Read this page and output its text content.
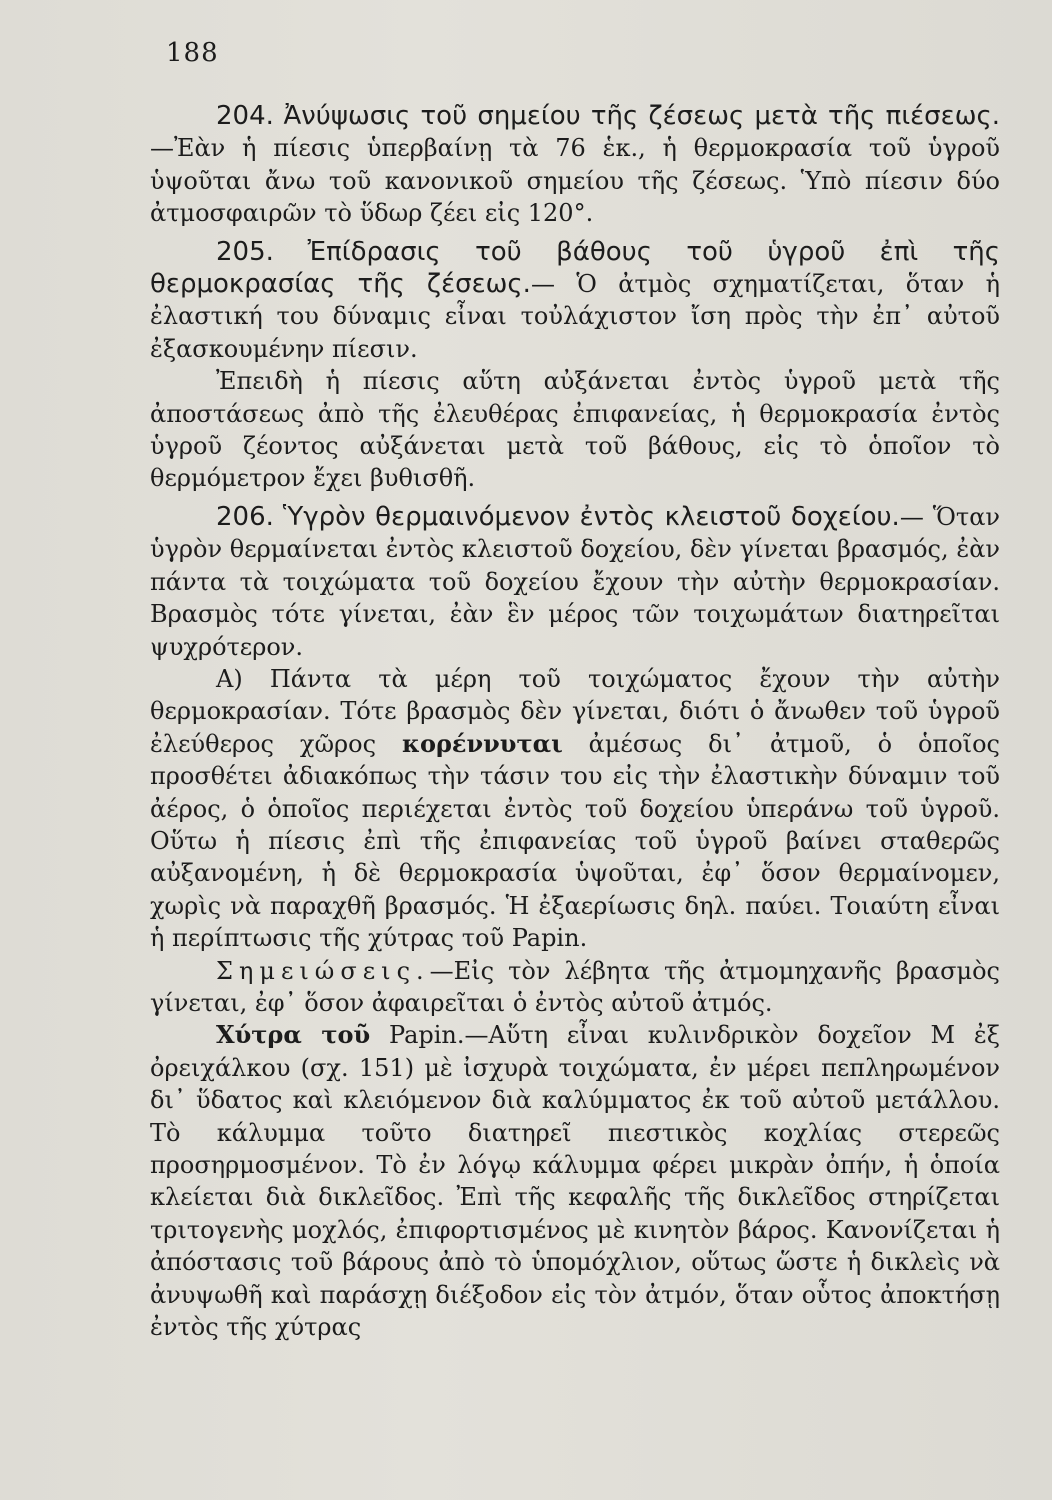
188

204. Ἀνύψωσις τοῦ σημείου τῆς ζέσεως μετὰ τῆς πιέσεως.—Ἐὰν ἡ πίεσις ὑπερβαίνῃ τὰ 76 ἑκ., ἡ θερμοκρασία τοῦ ὑγροῦ ὑψοῦται ἄνω τοῦ κανονικοῦ σημείου τῆς ζέσεως. Ὑπὸ πίεσιν δύο ἀτμοσφαιρῶν τὸ ὕδωρ ζέει εἰς 120°.

205. Ἐπίδρασις τοῦ βάθους τοῦ ὑγροῦ ἐπὶ τῆς θερμοκρασίας τῆς ζέσεως.— Ὁ ἀτμὸς σχηματίζεται, ὅταν ἡ ἐλαστική του δύναμις εἶναι τοὐλάχιστον ἴση πρὸς τὴν ἐπ᾽ αὐτοῦ ἐξασκουμένην πίεσιν.

Ἐπειδὴ ἡ πίεσις αὕτη αὐξάνεται ἐντὸς ὑγροῦ μετὰ τῆς ἀποστάσεως ἀπὸ τῆς ἐλευθέρας ἐπιφανείας, ἡ θερμοκρασία ἐντὸς ὑγροῦ ζέοντος αὐξάνεται μετὰ τοῦ βάθους, εἰς τὸ ὁποῖον τὸ θερμόμετρον ἔχει βυθισθῆ.

206. Ὑγρὸν θερμαινόμενον ἐντὸς κλειστοῦ δοχείου.— Ὅταν ὑγρὸν θερμαίνεται ἐντὸς κλειστοῦ δοχείου, δὲν γίνεται βρασμός, ἐὰν πάντα τὰ τοιχώματα τοῦ δοχείου ἔχουν τὴν αὐτὴν θερμοκρασίαν. Βρασμὸς τότε γίνεται, ἐὰν ἓν μέρος τῶν τοιχωμάτων διατηρεῖται ψυχρότερον.

Α) Πάντα τὰ μέρη τοῦ τοιχώματος ἔχουν τὴν αὐτὴν θερμοκρασίαν. Τότε βρασμὸς δὲν γίνεται, διότι ὁ ἄνωθεν τοῦ ὑγροῦ ἐλεύθερος χῶρος κορέννυται ἀμέσως δι᾽ ἀτμοῦ, ὁ ὁποῖος προσθέτει ἀδιακόπως τὴν τάσιν του εἰς τὴν ἐλαστικὴν δύναμιν τοῦ ἀέρος, ὁ ὁποῖος περιέχεται ἐντὸς τοῦ δοχείου ὑπεράνω τοῦ ὑγροῦ. Οὕτω ἡ πίεσις ἐπὶ τῆς ἐπιφανείας τοῦ ὑγροῦ βαίνει σταθερῶς αὐξανομένη, ἡ δὲ θερμοκρασία ὑψοῦται, ἐφ᾽ ὅσον θερμαίνομεν, χωρὶς νὰ παραχθῆ βρασμός. Ἡ ἐξαερίωσις δηλ. παύει. Τοιαύτη εἶναι ἡ περίπτωσις τῆς χύτρας τοῦ Papin.

Σημειώσεις.—Εἰς τὸν λέβητα τῆς ἀτμομηχανῆς βρασμὸς γίνεται, ἐφ᾽ ὅσον ἀφαιρεῖται ὁ ἐντὸς αὐτοῦ ἀτμός.

Χύτρα τοῦ Papin.—Αὕτη εἶναι κυλινδρικὸν δοχεῖον Μ ἐξ ὀρειχάλκου (σχ. 151) μὲ ἰσχυρὰ τοιχώματα, ἐν μέρει πεπληρωμένον δι᾽ ὕδατος καὶ κλειόμενον διὰ καλύμματος ἐκ τοῦ αὐτοῦ μετάλλου. Τὸ κάλυμμα τοῦτο διατηρεῖ πιεστικὸς κοχλίας στερεῶς προσηρμοσμένον. Τὸ ἐν λόγῳ κάλυμμα φέρει μικρὰν ὀπήν, ἡ ὁποία κλείεται διὰ δικλεῖδος. Ἐπὶ τῆς κεφαλῆς τῆς δικλεῖδος στηρίζεται τριτογενὴς μοχλός, ἐπιφορτισμένος μὲ κινητὸν βάρος. Κανονίζεται ἡ ἀπόστασις τοῦ βάρους ἀπὸ τὸ ὑπομόχλιον, οὕτως ὥστε ἡ δικλεὶς νὰ ἀνυψωθῆ καὶ παράσχῃ διέξοδον εἰς τὸν ἀτμόν, ὅταν οὗτος ἀποκτήσῃ ἐντὸς τῆς χύτρας
